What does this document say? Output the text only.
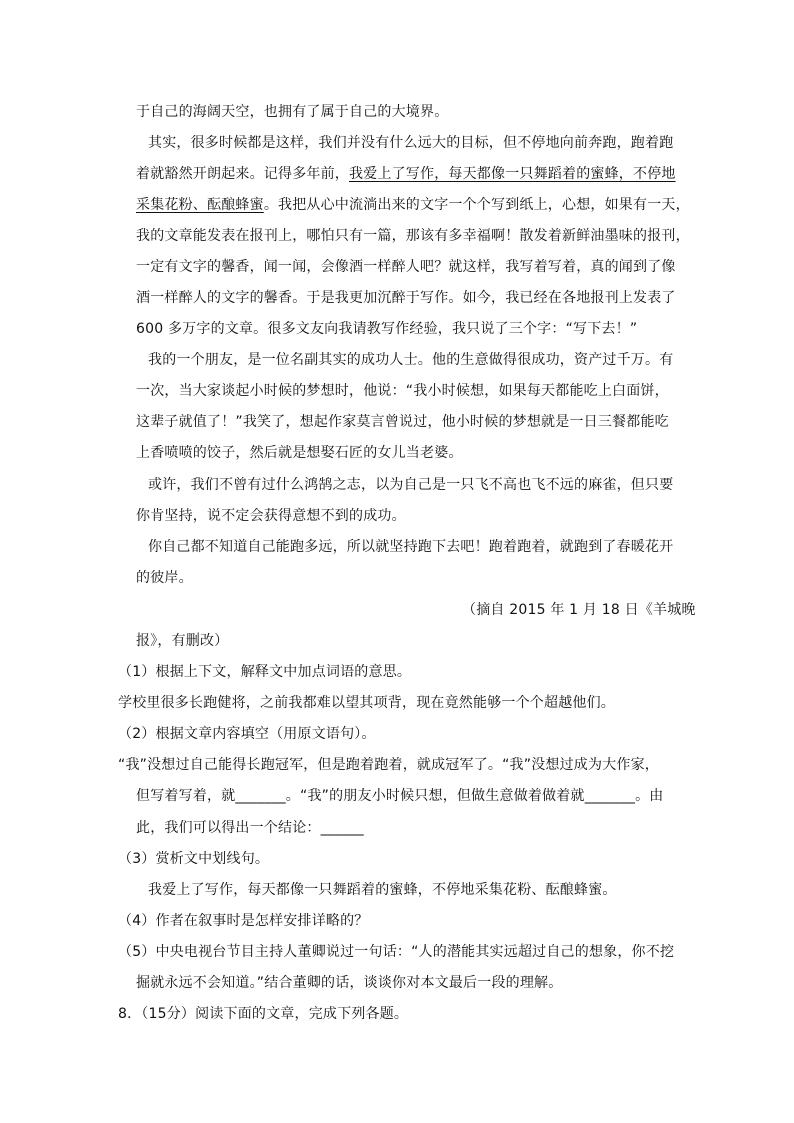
于自己的海阔天空，也拥有了属于自己的大境界。
其实，很多时候都是这样，我们并没有什么远大的目标，但不停地向前奔跑，跑着跑
着就豁然开朗起来。记得多年前，我爱上了写作，每天都像一只舞蹈着的蜜蜂，不停地
采集花粉、酝酿蜂蜜。我把从心中流淌出来的文字一个个写到纸上，心想，如果有一天，
我的文章能发表在报刊上，哪怕只有一篇，那该有多幸福啊！散发着新鲜油墨味的报刊，
一定有文字的馨香，闻一闻，会像酒一样醉人吧？就这样，我写着写着，真的闻到了像
酒一样醉人的文字的馨香。于是我更加沉醉于写作。如今，我已经在各地报刊上发表了
600 多万字的文章。很多文友向我请教写作经验，我只说了三个字：“写下去！”
我的一个朋友，是一位名副其实的成功人士。他的生意做得很成功，资产过千万。有
一次，当大家谈起小时候的梦想时，他说：“我小时候想，如果每天都能吃上白面饼，
这辈子就值了！”我笑了，想起作家莫言曾说过，他小时候的梦想就是一日三餐都能吃
上香喷喷的饺子，然后就是想娶石匠的女儿当老婆。
或许，我们不曾有过什么鸿鹄之志，以为自己是一只飞不高也飞不远的麻雀，但只要
你肯坚持，说不定会获得意想不到的成功。
你自己都不知道自己能跑多远，所以就坚持跑下去吧！跑着跑着，就跑到了春暖花开
的彼岸。
（摘自 2015 年 1 月 18 日《羊城晚
报》，有删改）
（1）根据上下文，解释文中加点词语的意思。
学校里很多长跑健将，之前我都难以望其项背，现在竟然能够一个个超越他们。
（2）根据文章内容填空（用原文语句）。
“我”没想过自己能得长跑冠军，但是跑着跑着，就成冠军了。“我”没想过成为大作家，
但写着写着，就_______。“我”的朋友小时候只想，但做生意做着做着就_______。由
此，我们可以得出一个结论：______
（3）赏析文中划线句。
我爱上了写作，每天都像一只舞蹈着的蜜蜂，不停地采集花粉、酝酿蜂蜜。
（4）作者在叙事时是怎样安排详略的？
（5）中央电视台节目主持人董卿说过一句话：“人的潜能其实远超过自己的想象，你不挖
掘就永远不会知道。”结合董卿的话，谈谈你对本文最后一段的理解。
8．（15分）阅读下面的文章，完成下列各题。
